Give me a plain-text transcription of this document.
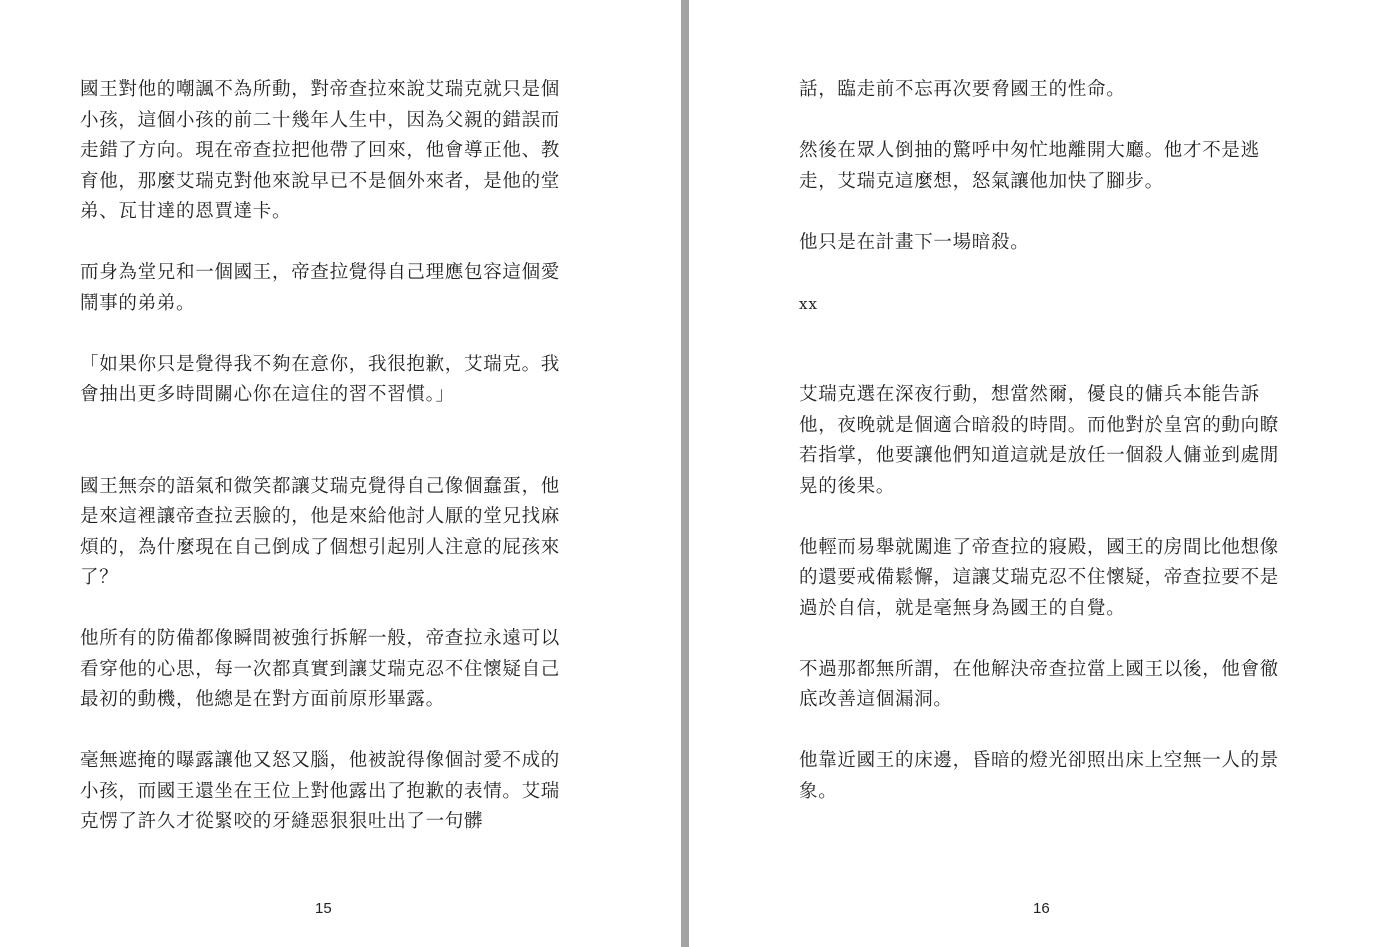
國王對他的嘲諷不為所動，對帝查拉來說艾瑞克就只是個小孩，這個小孩的前二十幾年人生中，因為父親的錯誤而走錯了方向。現在帝查拉把他帶了回來，他會導正他、教育他，那麼艾瑞克對他來說早已不是個外來者，是他的堂弟、瓦甘達的恩賈達卡。

而身為堂兄和一個國王，帝查拉覺得自己理應包容這個愛鬧事的弟弟。

「如果你只是覺得我不夠在意你，我很抱歉，艾瑞克。我會抽出更多時間關心你在這住的習不習慣。」

國王無奈的語氣和微笑都讓艾瑞克覺得自己像個蠢蛋，他是來這裡讓帝查拉丟臉的，他是來給他討人厭的堂兄找麻煩的，為什麼現在自己倒成了個想引起別人注意的屁孩來了？

他所有的防備都像瞬間被強行拆解一般，帝查拉永遠可以看穿他的心思，每一次都真實到讓艾瑞克忍不住懷疑自己最初的動機，他總是在對方面前原形畢露。

毫無遮掩的曝露讓他又怒又腦，他被說得像個討愛不成的小孩，而國王還坐在王位上對他露出了抱歉的表情。艾瑞克愣了許久才從緊咬的牙縫惡狠狠吐出了一句髒

15

話，臨走前不忘再次要脅國王的性命。

然後在眾人倒抽的驚呼中匆忙地離開大廳。他才不是逃走，艾瑞克這麼想，怒氣讓他加快了腳步。

他只是在計畫下一場暗殺。

xx

艾瑞克選在深夜行動，想當然爾，優良的傭兵本能告訴他，夜晚就是個適合暗殺的時間。而他對於皇宮的動向瞭若指掌，他要讓他們知道這就是放任一個殺人傭並到處閒晃的後果。

他輕而易舉就闖進了帝查拉的寢殿，國王的房間比他想像的還要戒備鬆懈，這讓艾瑞克忍不住懷疑，帝查拉要不是過於自信，就是毫無身為國王的自覺。

不過那都無所謂，在他解決帝查拉當上國王以後，他會徹底改善這個漏洞。

他靠近國王的床邊，昏暗的燈光卻照出床上空無一人的景象。

16
